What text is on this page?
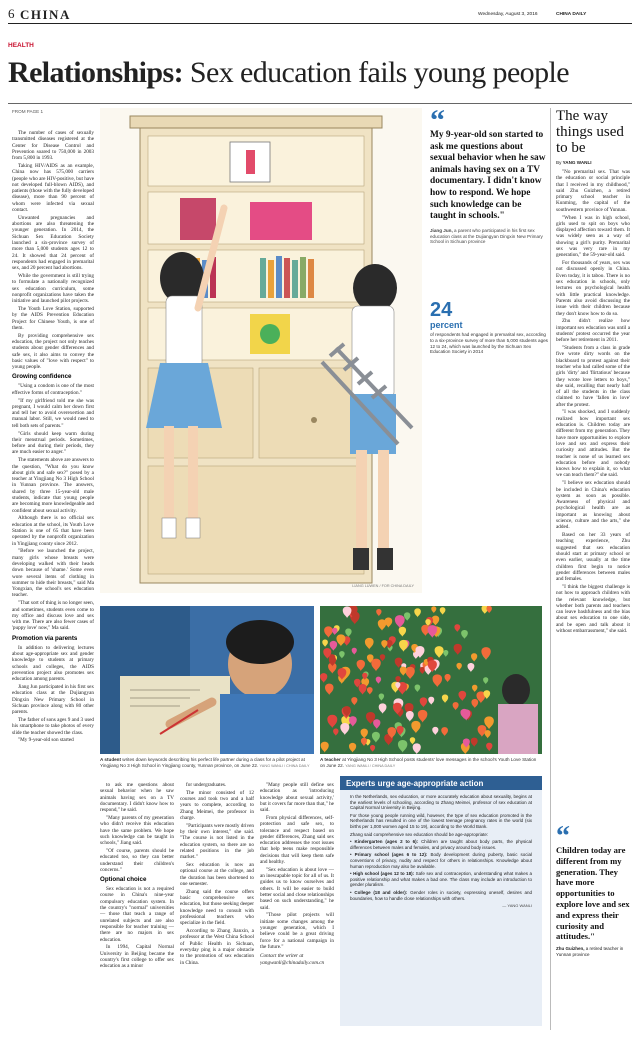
6 CHINA	Wednesday, August 3, 2016	CHINA DAILY
HEALTH
Relationships: Sex education fails young people
FROM PAGE 1

The number of cases of sexually transmitted diseases registered at the Center for Disease Control and Prevention soared to 750,000 in 2003 from 5,800 in 1993.

Taking HIV/AIDS as an example, China now has 575,000 carriers (people who are HIV-positive, but have not developed full-blown AIDS), and patients (those with the fully developed disease), more than 90 percent of whom were infected via sexual contact.

Unwanted pregnancies and abortions are also threatening the younger generation. In 2014, the Sichuan Sex Education Society launched a six-province survey of more than 5,000 students ages 12 to 24. It showed that 24 percent of respondents had engaged in premarital sex, and 20 percent had abortions.

While the government is still trying to formulate a nationally recognized sex education curriculum, some nonprofit organizations have taken the initiative and launched pilot projects.

The Youth Love Station, supported by the AIDS Prevention Education Project for Chinese Youth, is one of them.

By providing comprehensive sex education, the project not only teaches students about gender differences and safe sex, it also aims to convey the basic values of "love with respect" to young people.

Growing confidence

"Using a condom is one of the most effective forms of contraception."

"If my girlfriend told me she was pregnant, I would calm her down first and tell her to avoid overexertion and manual labor. Still, we would need to tell both sets of parents."

"Girls should keep warm during their menstrual periods. Sometimes, before and during their periods, they are much easier to anger."

The statements above are answers to the question, "What do you know about girls and safe sex?" posed by a teacher at Yingjiang No 3 High School in Yunnan province. The answers, shared by three 15-year-old male students, indicate that young people are becoming more knowledgeable and confident about sexual activity.

Although there is no official sex education at the school, its Youth Love Station is one of 65 that have been operated by the nonprofit organization in Yingjiang county since 2012.

"Before we launched the project, many girls whose breasts were developing walked with their heads down because of 'shame.' Some even wore several items of clothing in summer to hide their breasts," said Ma Yongxian, the school's sex education teacher.

"That sort of thing is no longer seen, and sometimes, students even come to my office and discuss love and sex with me. There are also fewer cases of 'puppy love' now," Ma said.

Promotion via parents

In addition to delivering lectures about age-appropriate sex and gender knowledge to students at primary schools and colleges, the AIDS prevention project also promotes sex education among parents.

Jiang Jun participated in his first sex education class at the Dujiangyan Dingxin New Primary School in Sichuan province along with 80 other parents.

The father of sons ages 9 and 3 used his smartphone to take photos of every slide the teacher showed the class.

"My 9-year-old son started

LIANG LUWEN / FOR CHINA DAILY
“
My 9-year-old son started to ask me questions about sexual behavior when he saw animals having sex on a TV documentary. I didn't know how to respond. We hope such knowledge can be taught in schools."
Jiang Jun, a parent who participated in his first sex education class at the Dujiangyan Dingxin New Primary School in Sichuan province
24
percent
of respondents had engaged in premarital sex, according to a six-province survey of more than 5,000 students ages 12 to 24, which was launched by the Sichuan Sex Education Society in 2014
A student writes down keywords describing his perfect life partner during a class for a pilot project at Yingjiang No 3 High School in Yingjiang county, Yunnan province, on June 22. YANG WANLI / CHINA DAILY
A teacher at Yingjiang No 3 High School posts students' love messages in the school's Youth Love Station on June 22. YANG WANLI / CHINA DAILY

to ask me questions about sexual behavior when he saw animals having sex on a TV documentary. I didn't know how to respond," he said.

"Many parents of my generation who didn't receive this education have the same problem. We hope such knowledge can be taught in schools," Jiang said.

"Of course, parents should be educated too, so they can better understand their children's concerns."

Optional choice

Sex education is not a required course in China's nine-year compulsory education system. In the country's "normal" universities — those that teach a range of unrelated subjects and are also responsible for teacher training — there are no majors in sex education.

In 1994, Capital Normal University in Beijing became the country's first college to offer sex education as a minor

for undergraduates.

The minor consisted of 12 courses and took two and a half years to complete, according to Zhang Meimei, the professor in charge.

"Participants were mostly driven by their own interest," she said. "The course is not listed in the education system, so there are no related positions in the job market."

Sex education is now an optional course at the college, and the duration has been shortened to one semester.

Zhang said the course offers basic comprehensive sex education, but those seeking deeper knowledge need to consult with professional teachers who specialize in the field.

According to Zhang Jianxin, a professor at the West China School of Public Health in Sichuan, everyday ping is a major obstacle to the promotion of sex education in China.

"Many people still define sex education as 'introducing knowledge about sexual activity,' but it covers far more than that," he said.

From physical differences, self-protection and safe sex, to tolerance and respect based on gender differences, Zhang said sex education addresses the root issues that help teens make responsible decisions that will keep them safe and healthy.

"Sex education is about love — an inescapable topic for all of us. It guides us to know ourselves and others. It will be easier to build better social and close relationships based on such understanding," he said.

"Those pilot projects will initiate some changes among the younger generation, which I believe could be a great driving force for a national campaign in the future."

Contact the writer at
yangwanli@chinadaily.com.cn
Experts urge age-appropriate action

In the Netherlands, sex education, or more accurately education about sexuality, begins at the earliest levels of schooling, according to Zhang Meimei, professor of sex education at Capital Normal University in Beijing.

For those young people running wild, however, the type of sex education promoted in the Netherlands has resulted in one of the lowest teenage pregnancy rates in the world (six births per 1,000 women aged 15 to 19), according to the World Bank.

Zhang said comprehensive sex education should be age-appropriate:

• Kindergarten (ages 2 to 6): Children are taught about body parts, the physical differences between males and females, and privacy around body issues.

• Primary school (ages 6 to 12): Body development during puberty, basic social conventions of privacy, nudity and respect for others in relationships. Knowledge about human reproduction may also be available.

• High school (ages 12 to 18): Safe sex and contraception, understanding what makes a positive relationship and what makes a bad one. The class may include an introduction to gender pluralism.

• College (18 and older): Gender roles in society, expressing oneself, desires and boundaries, how to handle close relationships with others.

— YANG WANLI
The way things used to be
By YANG WANLI

"No premarital sex. That was the education or social principle that I received in my childhood," said Zhu Guizhen, a retired primary school teacher in Kunming, the capital of the southwestern province of Yunnan.

"When I was in high school, girls used to spit on boys who displayed affection toward them. It was widely seen as a way of showing a girl's purity. Premarital sex was very rare in my generation," the 59-year-old said.

For thousands of years, sex was not discussed openly in China. Even today, it is taboo. There is no sex education in schools, only lectures on psychological health with little practical knowledge. Parents also avoid discussing the issue with their children because they don't know how to do so.

Zhu didn't realize how important sex education was until a students' protest occurred the year before her retirement in 2011.

"Students from a class in grade five wrote dirty words on the blackboard to protest against their teacher who had called some of the girls 'dirty' and 'flirtatious' because they wrote love letters to boys," she said, recalling that nearly half of all the students in the class claimed to have 'fallen in love' after the protest.

"I was shocked, and I suddenly realized how important sex education is. Children today are different from my generation. They have more opportunities to explore love and sex and express their curiosity and attitudes. But the teacher is none of us learned sex education before and nobody knows how to explain it, so what we can teach them?" she said.

"I believe sex education should be included in China's education system as soon as possible. Awareness of physical and psychological health are as important as knowing about science, culture and the arts," she added.

Based on her 33 years of teaching experience, Zhu suggested that sex education should start at primary school or even earlier, usually at the time children first begin to notice gender differences between males and females.

"I think the biggest challenge is not how to approach children with the relevant knowledge, but whether both parents and teachers can leave bashfulness and the bias about sex education to one side, and be open and talk about it without embarrassment," she said.

“
Children today are different from my generation. They have more opportunities to explore love and sex and express their curiosity and attitudes."
Zhu Guizhen, a retired teacher in Yunnan province
